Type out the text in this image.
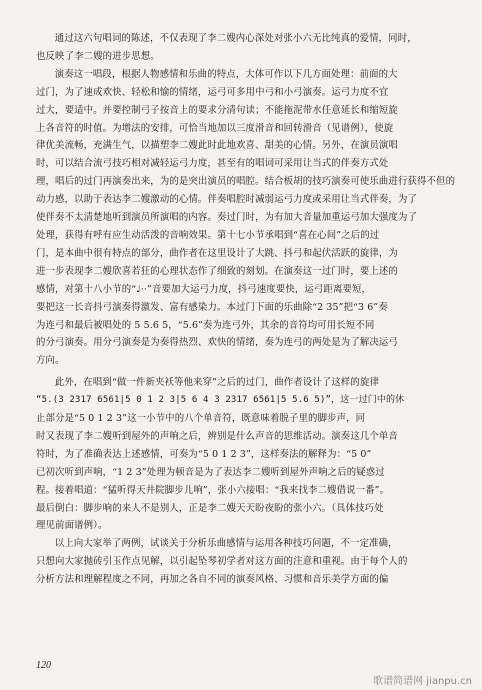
通过这六句唱词的陈述，不仅表现了李二嫂内心深处对张小六无比纯真的爱情，同时，
也反映了李二嫂的进步思想。

演奏这一唱段，根据人物感情和乐曲的特点，大体可作以下几方面处理：前面的大
过门，为了速成欢快、轻松和愉的情绪，运弓可多用中弓和小弓演奏。运弓力度不宜
过大，要适中。并要控制弓子按音上的要求分清句读；不能拖泥带水任意延长和缩短旋
上各音符的时值。为增法的安排，可恰当地加以三度滑音和回转滑音（见谱例），使旋
律优美流畅，充满生气，以描塑李二嫂此时此地欢喜、甜美的心情。另外，在演员演唱
时，可以结合流弓技巧相对减轻运弓力度，甚至有的唱词可采用让当式的伴奏方式处
理，唱后的过门再演奏出来，为的是突出演员的唱腔。结合板胡的技巧演奏可使乐曲进行获得不但的
动力感，以助于表达李二嫂激动的心情。伴奏唱腔时减弱运弓力度或采用让当式伴奏，为了
使伴奏不太清楚地听到演员所演唱的内容。奏过门时，为有加大音量加重运弓加大强度为了
处理，获得有呼有应生动活泼的音响效果。第十七小节承唱到“喜在心间”之后的过
门，是本曲中很有特点的部分，曲作者在这里设计了大跳、抖弓和起伏活跃的旋律，为
进一步表现李二嫂欣喜若狂的心理状态作了细致的刻划。在演奏这一过门时，要上述的
感情，对第十八小节的“♩··”音要加大运弓力度，抖弓速度要快，运弓距离要短，
要把这一长音抖弓演奏得激发、富有感染力。本过门下面的乐曲除“2 35”把“3 6”奏
为连弓和最后被唱处的 5 5.6 5，“5.6”奏为连弓外，其余的音符均可用长短不同
的分弓演奏。用分弓演奏是为奏得热烈、欢快的情绪，奏为连弓的两处是为了解决运弓
方向。

此外，在唱到“做一件新夹袄等他来穿”之后的过门，曲作者设计了这样的旋律
“5.(3 2317 6561|5 0 1 2 3|5 6 4 3 2317 6561|5 5.6 5)”，这一过门中的休
止部分是“5 0 1 2 3”这一小节中的八个单音符，既意味着脱子里的脚步声，同
时又表现了李二嫂听到屋外的声响之后，辨别是什么声音的思维活动。演奏这几个单音
符时，为了准确表达上述感情，可奏为“5 0 1 2 3”，这样奏法的解释为：“5 0”
已初次听到声响，“1 2 3”处理为顿音是为了表达李二嫂听到屋外声响之后的疑惑过
程。接着唱道：“猛听得天井院脚步儿响”，张小六接唱：“我来找李二嫂借说一番”。
最后倒白：脚步响的来人不是别人，正是李二嫂天天盼夜盼的张小六。（具体技巧处
理见前面谱例）。

以上向大家举了两例，试谈关于分析乐曲感情与运用各种技巧问题，不一定准确，
只想向大家抛砖引玉作点见解，以引起坠琴初学者对这方面的注意和重视。由于每个人的
分析方法和理解程度之不同，再加之各自不同的演奏风格、习惯和音乐美学方面的偏

120
歌谱简谱网 jianpu.cn
